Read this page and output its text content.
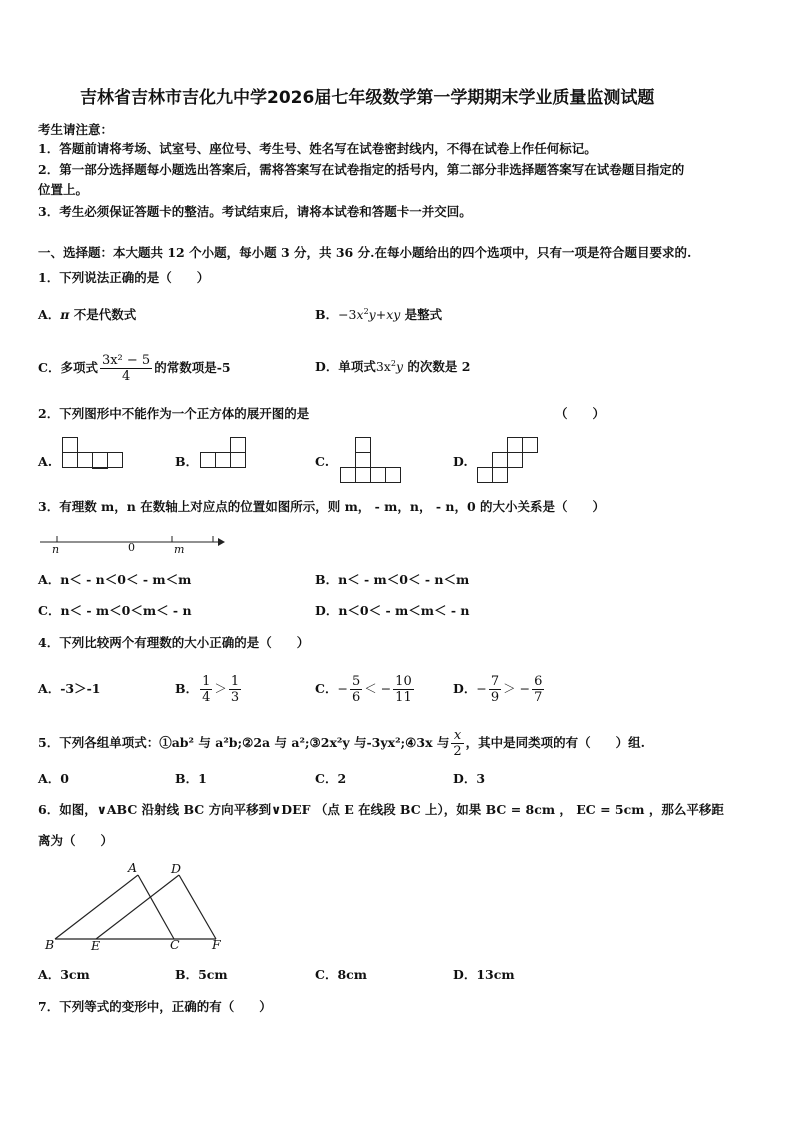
吉林省吉林市吉化九中学2026届七年级数学第一学期期末学业质量监测试题
考生请注意：
1．答题前请将考场、试室号、座位号、考生号、姓名写在试卷密封线内，不得在试卷上作任何标记。
2．第一部分选择题每小题选出答案后，需将答案写在试卷指定的括号内，第二部分非选择题答案写在试卷题目指定的
位置上。
3．考生必须保证答题卡的整洁。考试结束后，请将本试卷和答题卡一并交回。
一、选择题：本大题共 12 个小题，每小题 3 分，共 36 分.在每小题给出的四个选项中，只有一项是符合题目要求的.
1．下列说法正确的是（　　）
A．π 不是代数式	B．$-3x^2y+xy$ 是整式
C．多项式 $\frac{\text{3x² − 5}}{4}$ 的常数项是-5	D．单项式$3x^2y$ 的次数是 2
2．下列图形中不能作为一个正方体的展开图的是	（　　）
A.	B．	C.	D.
3．有理数 m，n 在数轴上对应点的位置如图所示，则 m， - m，n， - n，0 的大小关系是（　　）
n	0	m
A．n＜ - n＜0＜ - m＜m	B．n＜ - m＜0＜ - n＜m
C．n＜ - m＜0＜m＜ - n	D．n＜0＜ - m＜m＜ - n
4．下列比较两个有理数的大小正确的是（　　）
A．-3＞-1	B． $\frac{1}{4} > \frac{1}{3}$	C．− $\frac{5}{6}$ ＜ − $\frac{10}{11}$	D．− $\frac{7}{9}$ ＞ − $\frac{6}{7}$
5．下列各组单项式：①ab² 与 a²b;②2a 与 a²;③2x²y 与-3yx²;④3x 与 $\frac{x}{2}$ ，其中是同类项的有（　　）组.
A．0	B．1	C．2	D．3
6．如图，∨ABC 沿射线 BC 方向平移到∨DEF （点 E 在线段 BC 上），如果 BC = 8cm ， EC = 5cm ，那么平移距
离为（　　）
A	D
B	E	C	F
A．3cm	B．5cm	C．8cm	D．13cm
7．下列等式的变形中，正确的有（　　）
